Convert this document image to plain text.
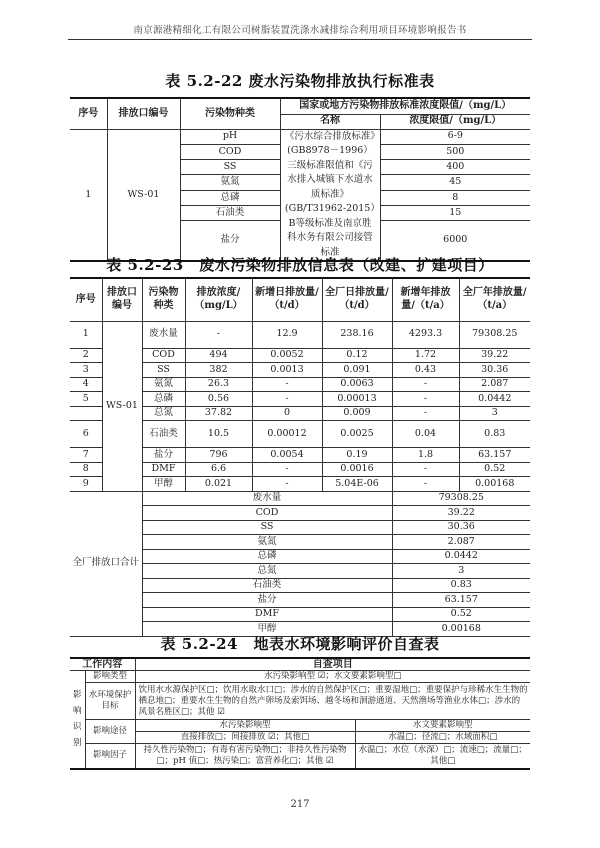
南京源港精细化工有限公司树脂装置洗涤水减排综合利用项目环境影响报告书
表 5.2-22 废水污染物排放执行标准表
序号	排放口编号	污染物种类	国家或地方污染物排放标准浓度限值/（mg/L）	
			名称	浓度限值/（mg/L）
1	WS-01	pH	《污水综合排放标准》(GB8978－1996）三级标准限值和《污水排入城镇下水道水质标准》(GB/T31962-2015）B等级标准及南京胜科水务有限公司接管标准	6-9
		COD		500
		SS		400
		氨氮		45
		总磷		8
		石油类		15
		盐分		6000
表 5.2-23　废水污染物排放信息表（改建、扩建项目）
序号	排放口编号	污染物种类	排放浓度/（mg/L）	新增日排放量/（t/d）	全厂日排放量/（t/d）	新增年排放量/（t/a）	全厂年排放量/（t/a）
1	WS-01	废水量	-	12.9	238.16	4293.3	79308.25
2		COD	494	0.0052	0.12	1.72	39.22
3		SS	382	0.0013	0.091	0.43	30.36
4		氨氮	26.3	-	0.0063	-	2.087
5		总磷	0.56	-	0.00013	-	0.0442
		总氮	37.82	0	0.009	-	3
6		石油类	10.5	0.00012	0.0025	0.04	0.83
7		盐分	796	0.0054	0.19	1.8	63.157
8		DMF	6.6	-	0.0016	-	0.52
9		甲醇	0.021	-	5.04E-06	-	0.00168
全厂排放口合计		废水量				79308.25	
		COD				39.22	
		SS				30.36	
		氨氮				2.087	
		总磷				0.0442	
		总氮				3	
		石油类				0.83	
		盐分				63.157	
		DMF				0.52	
		甲醇				0.00168	
表 5.2-24　地表水环境影响评价自查表
工作内容		自查项目	
影响识别	影响类型	水污染影响型 ☑；水文要素影响型□	
	水环境保护目标	饮用水水源保护区□；饮用水取水口□；涉水的自然保护区□；重要湿地□；重要保护与珍稀水生生物的栖息地□；重要水生生物的自然产卵场及索饵场、越冬场和洄游通道、天然渔场等渔业水体□；涉水的风景名胜区□；其他 ☑	
	影响途径	水污染影响型	水文要素影响型
		直接排放□；间接排放 ☑；其他□	水温□；径流□；水域面积□
	影响因子	持久性污染物□；有毒有害污染物□；非持久性污染物□；pH 值□；热污染□；富营养化□；其他 ☑	水温□；水位（水深）□；流速□；流量□；其他□
217
